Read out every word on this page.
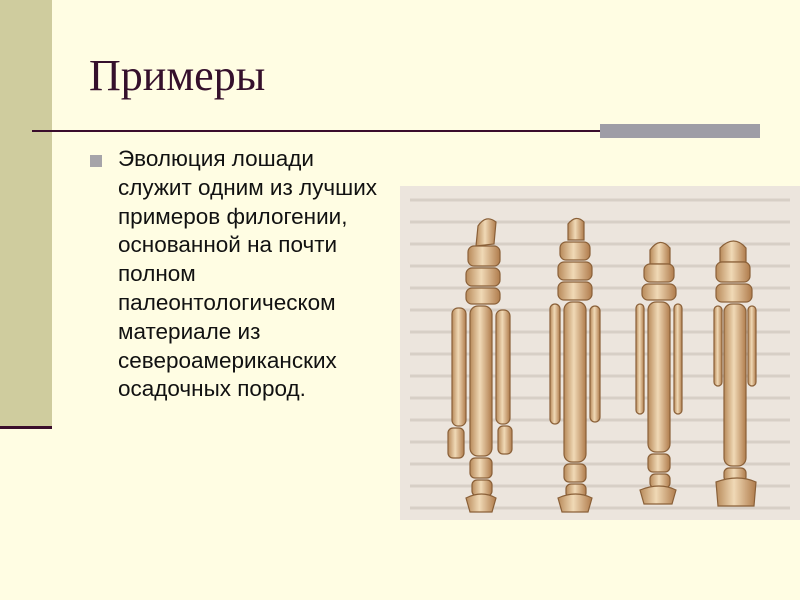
Примеры

Эволюция лошади служит одним из лучших примеров филогении, основанной на почти полном палеонтологическом материале из североамериканских осадочных пород.
